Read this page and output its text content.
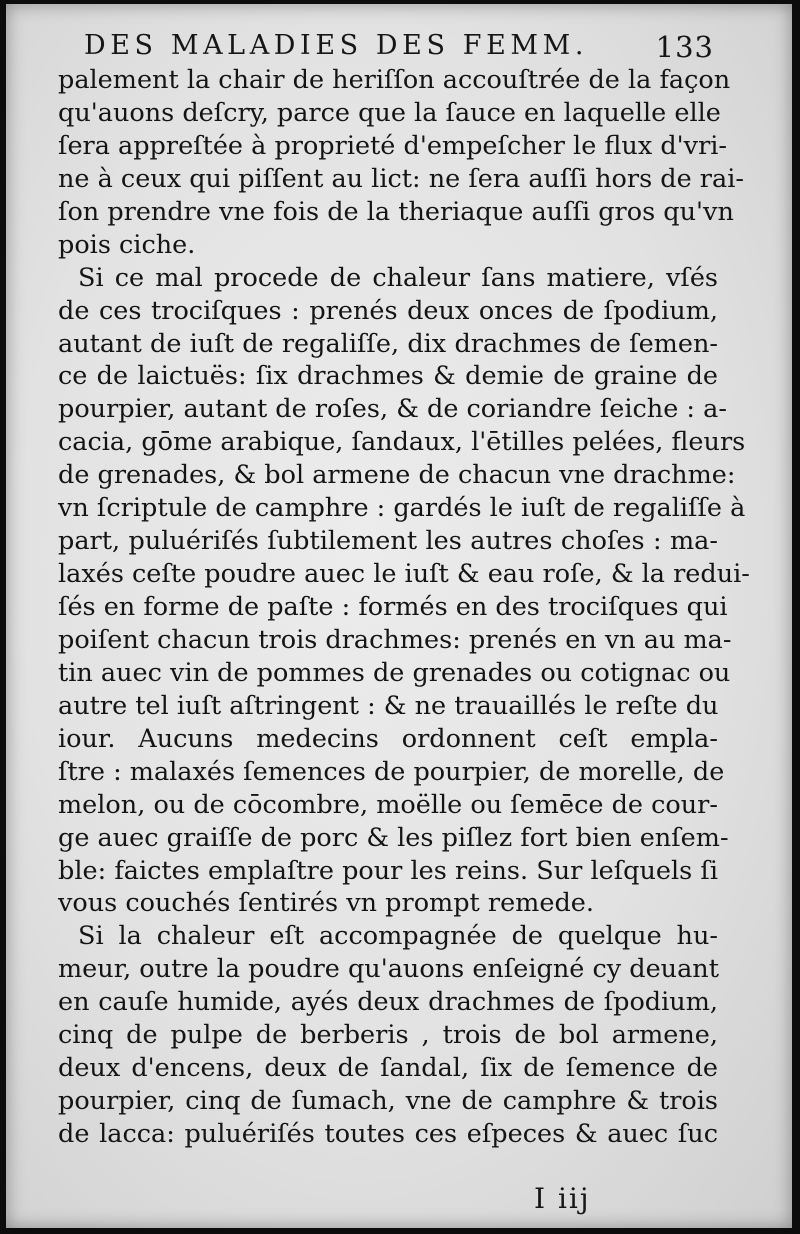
DES MALADIES DES FEMM. 133
palement la chair de heriſſon accouſtrée de la façon
qu'auons deſcry, parce que la ſauce en laquelle elle
ſera appreſtée à proprieté d'empeſcher le flux d'vri-
ne à ceux qui piſſent au lict: ne ſera auſſi hors de rai-
ſon prendre vne fois de la theriaque auſſi gros qu'vn
pois ciche.
Si ce mal procede de chaleur ſans matiere, vſés
de ces trociſques : prenés deux onces de ſpodium,
autant de iuſt de regaliſſe, dix drachmes de ſemen-
ce de laictuës: ſix drachmes & demie de graine de
pourpier, autant de roſes, & de coriandre ſeiche : a-
cacia, gōme arabique, ſandaux, l'ētilles pelées, fleurs
de grenades, & bol armene de chacun vne drachme:
vn ſcriptule de camphre : gardés le iuſt de regaliſſe à
part, puluériſés ſubtilement les autres choſes : ma-
laxés ceſte poudre auec le iuſt & eau roſe, & la redui-
ſés en forme de paſte : formés en des trociſques qui
poiſent chacun trois drachmes: prenés en vn au ma-
tin auec vin de pommes de grenades ou cotignac ou
autre tel iuſt aſtringent : & ne trauaillés le reſte du
iour. Aucuns medecins ordonnent ceſt empla-
ſtre : malaxés ſemences de pourpier, de morelle, de
melon, ou de cōcombre, moëlle ou ſemēce de cour-
ge auec graiſſe de porc & les piſlez fort bien enſem-
ble: faictes emplaſtre pour les reins. Sur leſquels ſi
vous couchés ſentirés vn prompt remede.
Si la chaleur eſt accompagnée de quelque hu-
meur, outre la poudre qu'auons enſeigné cy deuant
en cauſe humide, ayés deux drachmes de ſpodium,
cinq de pulpe de berberis , trois de bol armene,
deux d'encens, deux de ſandal, ſix de ſemence de
pourpier, cinq de ſumach, vne de camphre & trois
de lacca: puluériſés toutes ces eſpeces & auec ſuc
I iij
